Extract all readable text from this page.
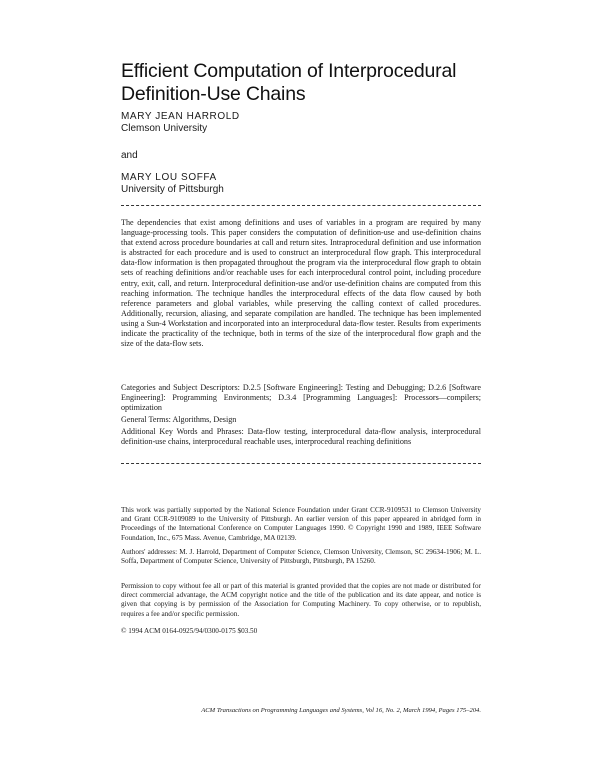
Efficient Computation of Interprocedural
Definition-Use Chains
MARY JEAN HARROLD
Clemson University
and
MARY LOU SOFFA
University of Pittsburgh

The dependencies that exist among definitions and uses of variables in a program are required by many language-processing tools. This paper considers the computation of definition-use and use-definition chains that extend across procedure boundaries at call and return sites. Intraprocedural definition and use information is abstracted for each procedure and is used to construct an interprocedural flow graph. This interprocedural data-flow information is then propagated throughout the program via the interprocedural flow graph to obtain sets of reaching definitions and/or reachable uses for each interprocedural control point, including procedure entry, exit, call, and return. Interprocedural definition-use and/or use-definition chains are computed from this reaching information. The technique handles the interprocedural effects of the data flow caused by both reference parameters and global variables, while preserving the calling context of called procedures. Additionally, recursion, aliasing, and separate compilation are handled. The technique has been implemented using a Sun-4 Workstation and incorporated into an interprocedural data-flow tester. Results from experiments indicate the practicality of the technique, both in terms of the size of the interprocedural flow graph and the size of the data-flow sets.

Categories and Subject Descriptors: D.2.5 [Software Engineering]: Testing and Debugging; D.2.6 [Software Engineering]: Programming Environments; D.3.4 [Programming Languages]: Processors—compilers; optimization

General Terms: Algorithms, Design

Additional Key Words and Phrases: Data-flow testing, interprocedural data-flow analysis, interprocedural definition-use chains, interprocedural reachable uses, interprocedural reaching definitions

This work was partially supported by the National Science Foundation under Grant CCR-9109531 to Clemson University and Grant CCR-9109089 to the University of Pittsburgh. An earlier version of this paper appeared in abridged form in Proceedings of the International Conference on Computer Languages 1990. © Copyright 1990 and 1989, IEEE Software Foundation, Inc., 675 Mass. Avenue, Cambridge, MA 02139.

Authors' addresses: M. J. Harrold, Department of Computer Science, Clemson University, Clemson, SC 29634-1906; M. L. Soffa, Department of Computer Science, University of Pittsburgh, Pittsburgh, PA 15260.

Permission to copy without fee all or part of this material is granted provided that the copies are not made or distributed for direct commercial advantage, the ACM copyright notice and the title of the publication and its date appear, and notice is given that copying is by permission of the Association for Computing Machinery. To copy otherwise, or to republish, requires a fee and/or specific permission.

© 1994 ACM 0164-0925/94/0300-0175 $03.50

ACM Transactions on Programming Languages and Systems, Vol 16, No. 2, March 1994, Pages 175–204.
